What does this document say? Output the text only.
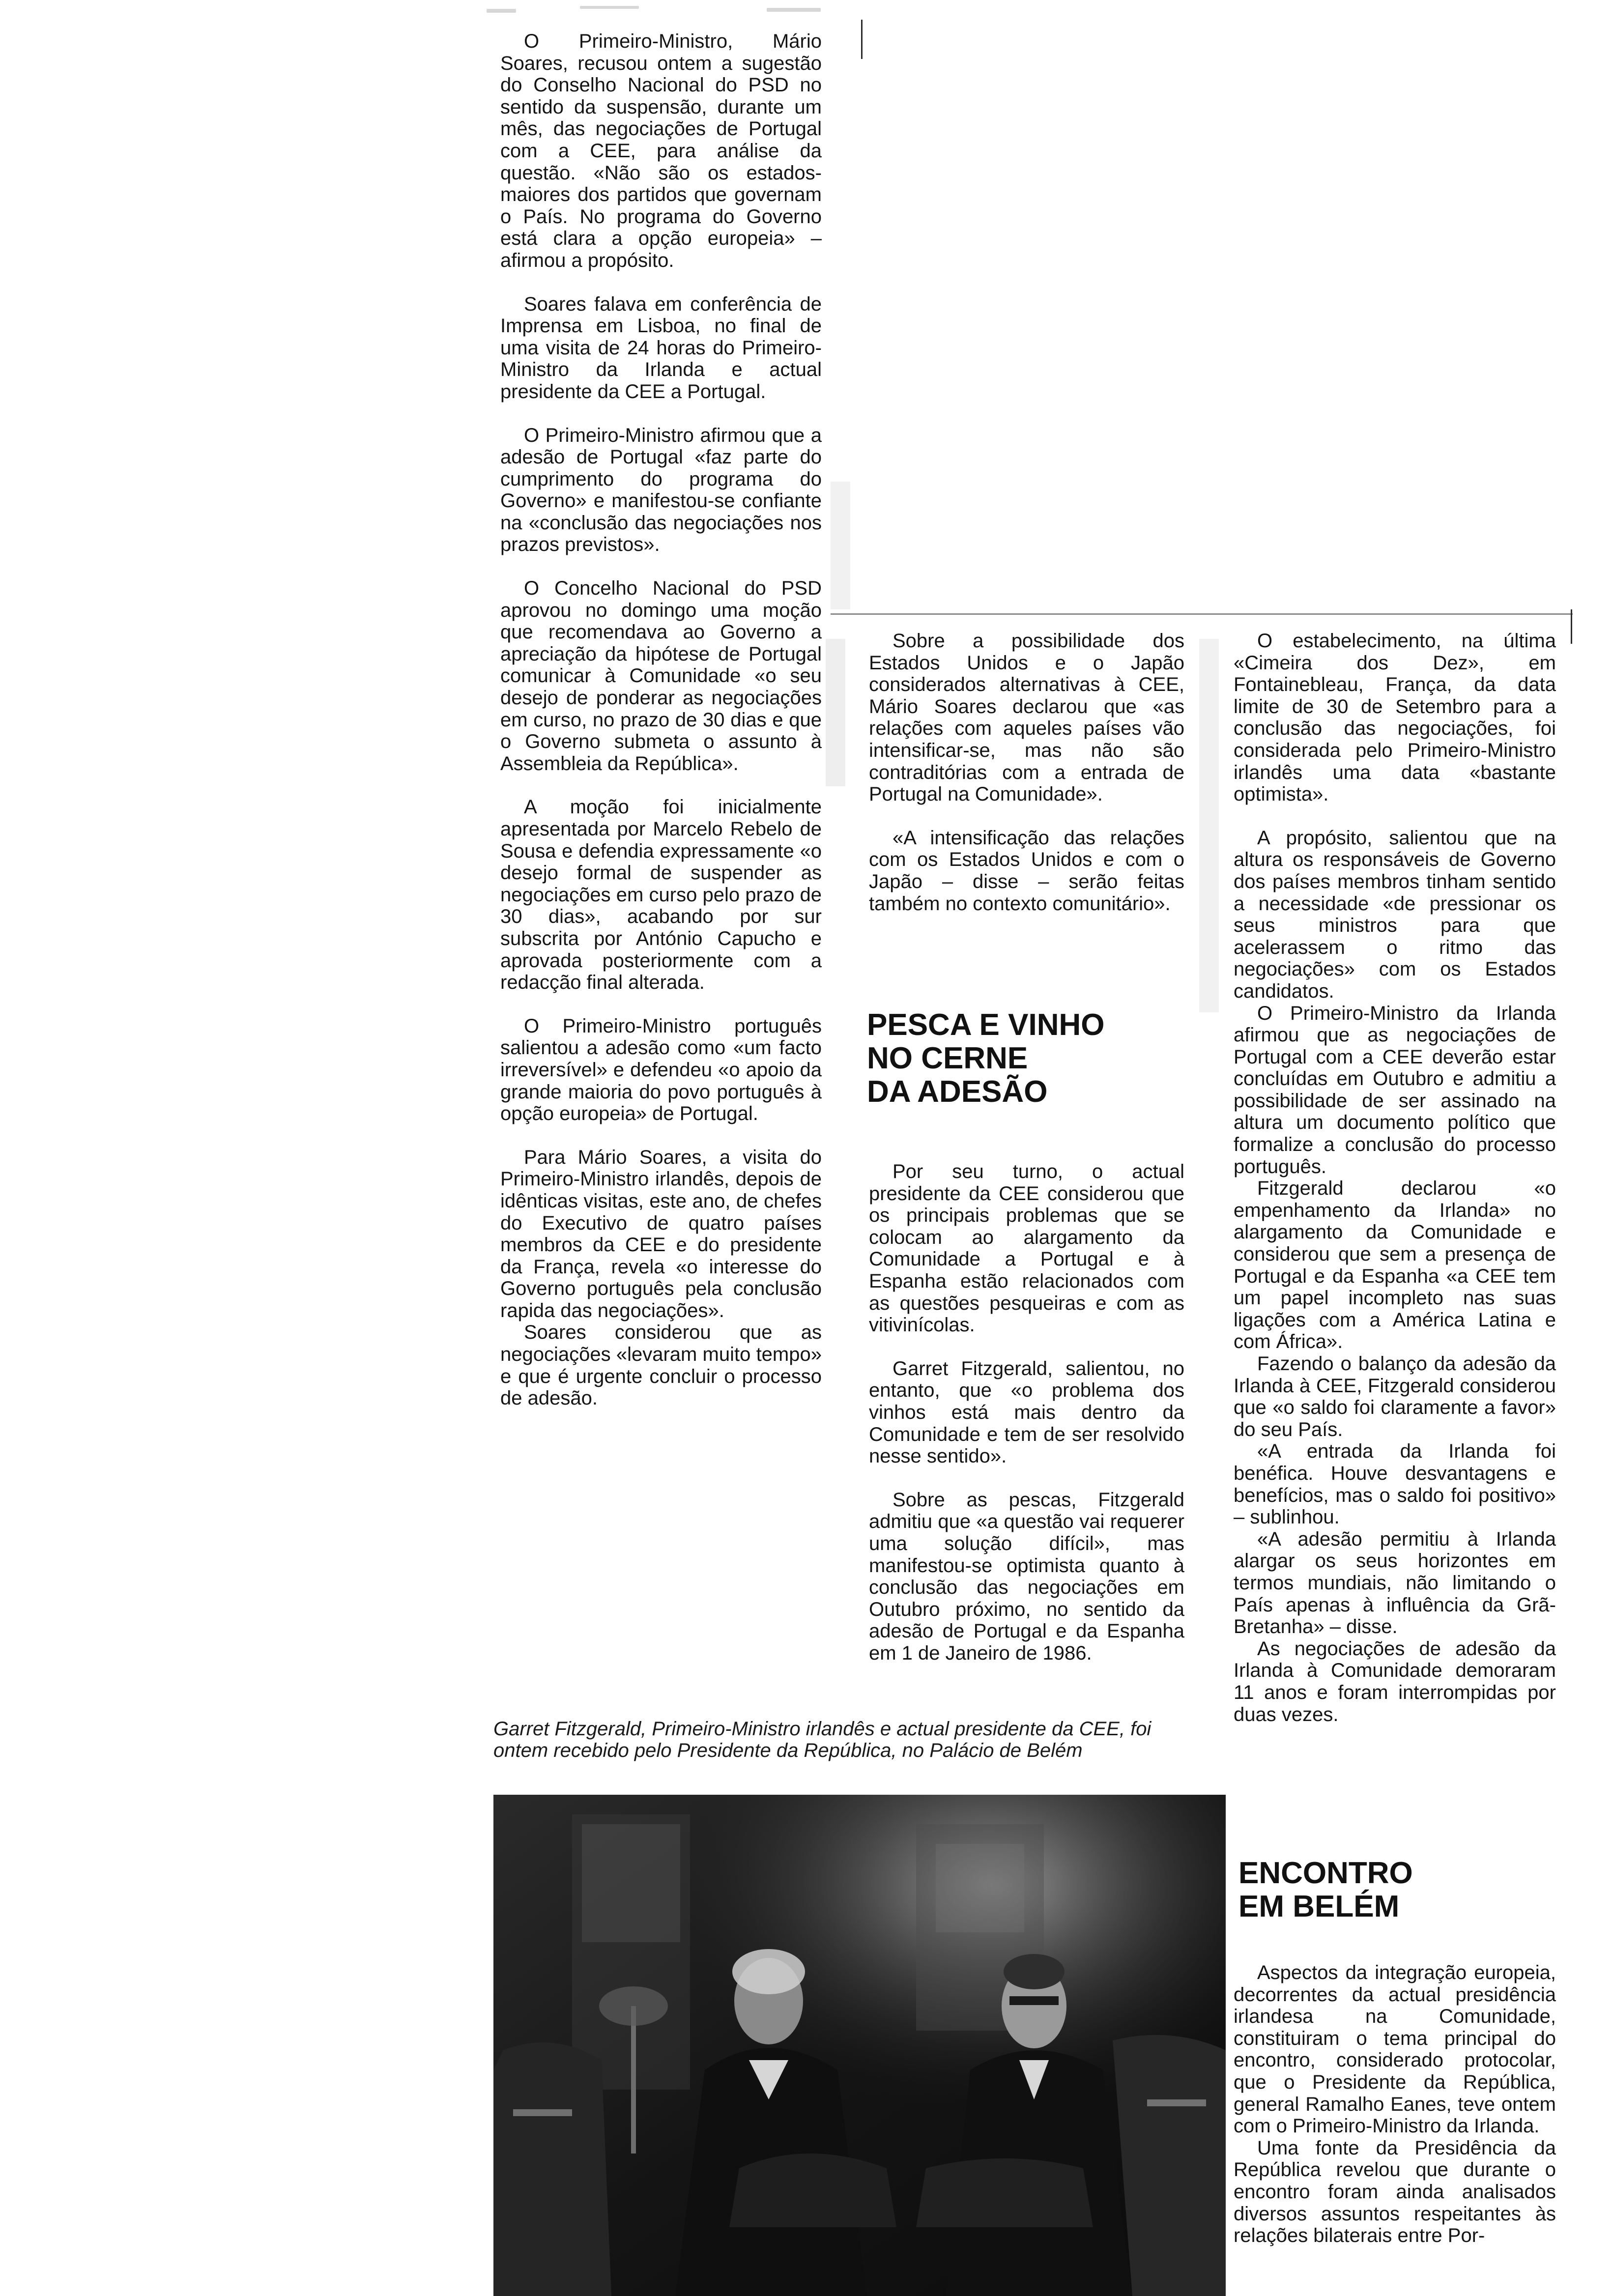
O Primeiro-Ministro, Mário Soares, recusou ontem a sugestão do Conselho Nacional do PSD no sentido da suspensão, durante um mês, das negociações de Portugal com a CEE, para análise da questão. «Não são os estados-maiores dos partidos que governam o País. No programa do Governo está clara a opção europeia» – afirmou a propósito.

Soares falava em conferência de Imprensa em Lisboa, no final de uma visita de 24 horas do Primeiro-Ministro da Irlanda e actual presidente da CEE a Portugal.

O Primeiro-Ministro afirmou que a adesão de Portugal «faz parte do cumprimento do programa do Governo» e manifestou-se confiante na «conclusão das negociações nos prazos previstos».

O Concelho Nacional do PSD aprovou no domingo uma moção que recomendava ao Governo a apreciação da hipótese de Portugal comunicar à Comunidade «o seu desejo de ponderar as negociações em curso, no prazo de 30 dias e que o Governo submeta o assunto à Assembleia da República».

A moção foi inicialmente apresentada por Marcelo Rebelo de Sousa e defendia expressamente «o desejo formal de suspender as negociações em curso pelo prazo de 30 dias», acabando por sur subscrita por António Capucho e aprovada posteriormente com a redacção final alterada.

O Primeiro-Ministro português salientou a adesão como «um facto irreversível» e defendeu «o apoio da grande maioria do povo português à opção europeia» de Portugal.

Para Mário Soares, a visita do Primeiro-Ministro irlandês, depois de idênticas visitas, este ano, de chefes do Executivo de quatro países membros da CEE e do presidente da França, revela «o interesse do Governo português pela conclusão rapida das negociações».

Soares considerou que as negociações «levaram muito tempo» e que é urgente concluir o processo de adesão.

Sobre a possibilidade dos Estados Unidos e o Japão considerados alternativas à CEE, Mário Soares declarou que «as relações com aqueles países vão intensificar-se, mas não são contraditórias com a entrada de Portugal na Comunidade».

«A intensificação das relações com os Estados Unidos e com o Japão – disse – serão feitas também no contexto comunitário».

PESCA E VINHO
NO CERNE
DA ADESÃO

Por seu turno, o actual presidente da CEE considerou que os principais problemas que se colocam ao alargamento da Comunidade a Portugal e à Espanha estão relacionados com as questões pesqueiras e com as vitivinícolas.

Garret Fitzgerald, salientou, no entanto, que «o problema dos vinhos está mais dentro da Comunidade e tem de ser resolvido nesse sentido».

Sobre as pescas, Fitzgerald admitiu que «a questão vai requerer uma solução difícil», mas manifestou-se optimista quanto à conclusão das negociações em Outubro próximo, no sentido da adesão de Portugal e da Espanha em 1 de Janeiro de 1986.

O estabelecimento, na última «Cimeira dos Dez», em Fontainebleau, França, da data limite de 30 de Setembro para a conclusão das negociações, foi considerada pelo Primeiro-Ministro irlandês uma data «bastante optimista».

A propósito, salientou que na altura os responsáveis de Governo dos países membros tinham sentido a necessidade «de pressionar os seus ministros para que acelerassem o ritmo das negociações» com os Estados candidatos.

O Primeiro-Ministro da Irlanda afirmou que as negociações de Portugal com a CEE deverão estar concluídas em Outubro e admitiu a possibilidade de ser assinado na altura um documento político que formalize a conclusão do processo português.

Fitzgerald declarou «o empenhamento da Irlanda» no alargamento da Comunidade e considerou que sem a presença de Portugal e da Espanha «a CEE tem um papel incompleto nas suas ligações com a América Latina e com África».

Fazendo o balanço da adesão da Irlanda à CEE, Fitzgerald considerou que «o saldo foi claramente a favor» do seu País.

«A entrada da Irlanda foi benéfica. Houve desvantagens e benefícios, mas o saldo foi positivo» – sublinhou.

«A adesão permitiu à Irlanda alargar os seus horizontes em termos mundiais, não limitando o País apenas à influência da Grã-Bretanha» – disse.

As negociações de adesão da Irlanda à Comunidade demoraram 11 anos e foram interrompidas por duas vezes.

ENCONTRO
EM BELÉM

Aspectos da integração europeia, decorrentes da actual presidência irlandesa na Comunidade, constituiram o tema principal do encontro, considerado protocolar, que o Presidente da República, general Ramalho Eanes, teve ontem com o Primeiro-Ministro da Irlanda.

Uma fonte da Presidência da República revelou que durante o encontro foram ainda analisados diversos assuntos respeitantes às relações bilaterais entre Por-

Garret Fitzgerald, Primeiro-Ministro irlandês e actual presidente da CEE, foi ontem recebido pelo Presidente da República, no Palácio de Belém
